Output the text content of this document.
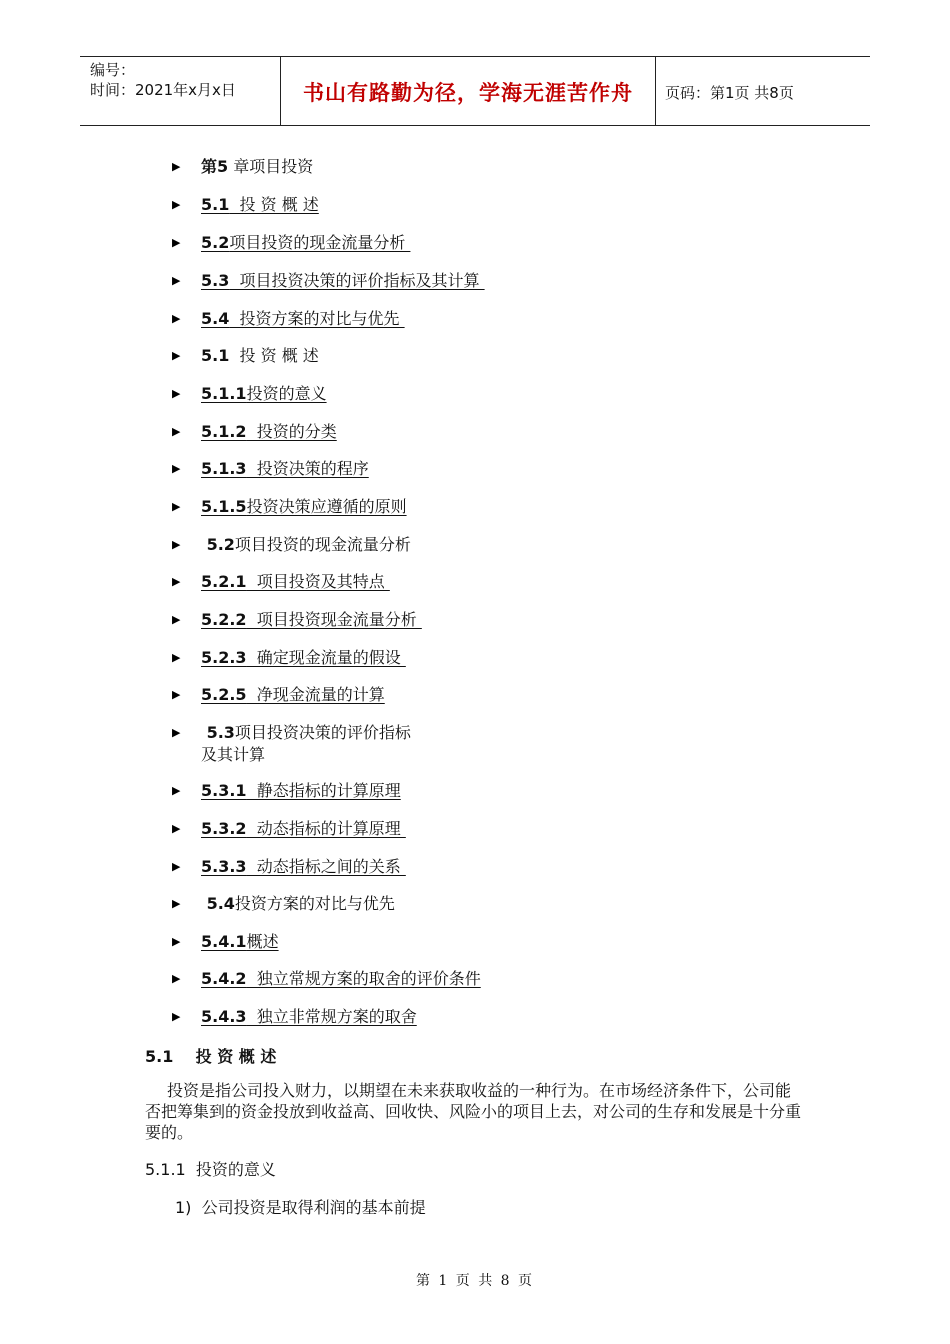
编号：
时间：2021年x月x日	书山有路勤为径，学海无涯苦作舟	页码：第1页 共8页
▶ 第5 章项目投资
▶ 5.1  投 资 概 述
▶ 5.2项目投资的现金流量分析
▶ 5.3  项目投资决策的评价指标及其计算
▶ 5.4  投资方案的对比与优先
▶ 5.1  投 资 概 述
▶ 5.1.1投资的意义
▶ 5.1.2  投资的分类
▶ 5.1.3  投资决策的程序
▶ 5.1.5投资决策应遵循的原则
▶ 5.2项目投资的现金流量分析
▶ 5.2.1  项目投资及其特点
▶ 5.2.2  项目投资现金流量分析
▶ 5.2.3  确定现金流量的假设
▶ 5.2.5  净现金流量的计算
▶ 5.3项目投资决策的评价指标
及其计算
▶ 5.3.1  静态指标的计算原理
▶ 5.3.2  动态指标的计算原理
▶ 5.3.3  动态指标之间的关系
▶ 5.4投资方案的对比与优先
▶ 5.4.1概述
▶ 5.4.2  独立常规方案的取舍的评价条件
▶ 5.4.3  独立非常规方案的取舍
5.1    投 资 概 述
投资是指公司投入财力，以期望在未来获取收益的一种行为。在市场经济条件下，公司能否把筹集到的资金投放到收益高、回收快、风险小的项目上去，对公司的生存和发展是十分重要的。
5.1.1  投资的意义
1)  公司投资是取得利润的基本前提
第 1 页 共 8 页
